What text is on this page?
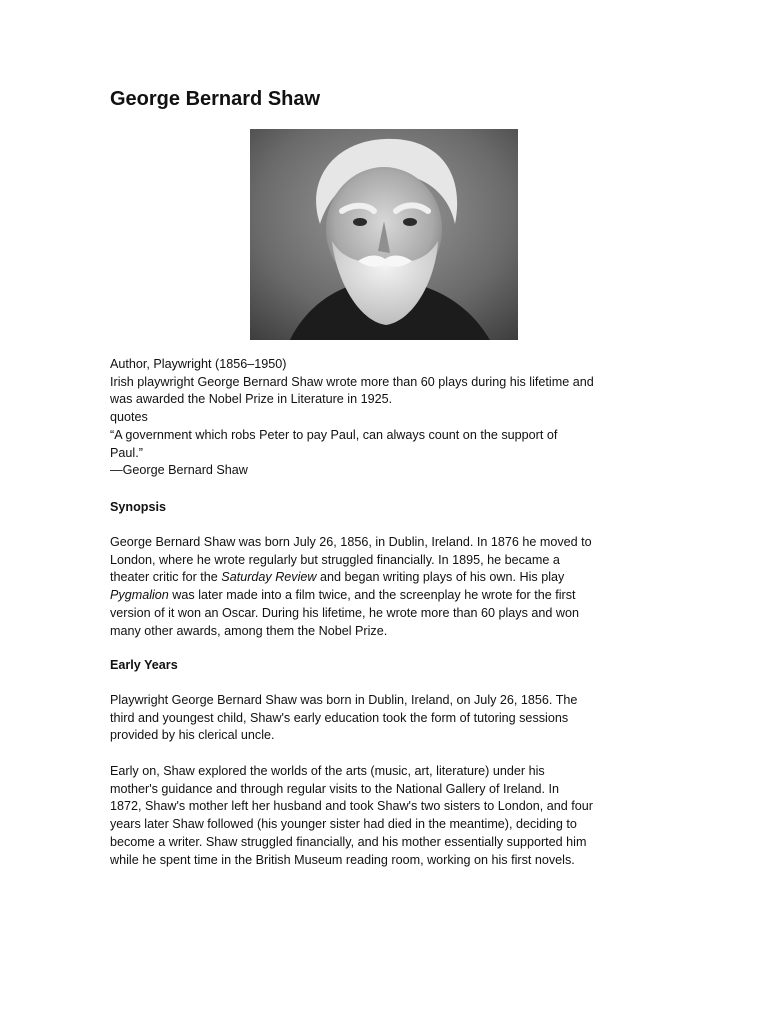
George Bernard Shaw

Author, Playwright (1856–1950)

Irish playwright George Bernard Shaw wrote more than 60 plays during his lifetime and

was awarded the Nobel Prize in Literature in 1925.

quotes

“A government which robs Peter to pay Paul, can always count on the support of

Paul.”

—George Bernard Shaw

Synopsis

George Bernard Shaw was born July 26, 1856, in Dublin, Ireland. In 1876 he moved to

London, where he wrote regularly but struggled financially. In 1895, he became a

theater critic for the Saturday Review and began writing plays of his own. His play

Pygmalion was later made into a film twice, and the screenplay he wrote for the first

version of it won an Oscar. During his lifetime, he wrote more than 60 plays and won

many other awards, among them the Nobel Prize.

Early Years

Playwright George Bernard Shaw was born in Dublin, Ireland, on July 26, 1856. The

third and youngest child, Shaw's early education took the form of tutoring sessions

provided by his clerical uncle.

Early on, Shaw explored the worlds of the arts (music, art, literature) under his

mother's guidance and through regular visits to the National Gallery of Ireland. In

1872, Shaw's mother left her husband and took Shaw's two sisters to London, and four

years later Shaw followed (his younger sister had died in the meantime), deciding to

become a writer. Shaw struggled financially, and his mother essentially supported him

while he spent time in the British Museum reading room, working on his first novels.
